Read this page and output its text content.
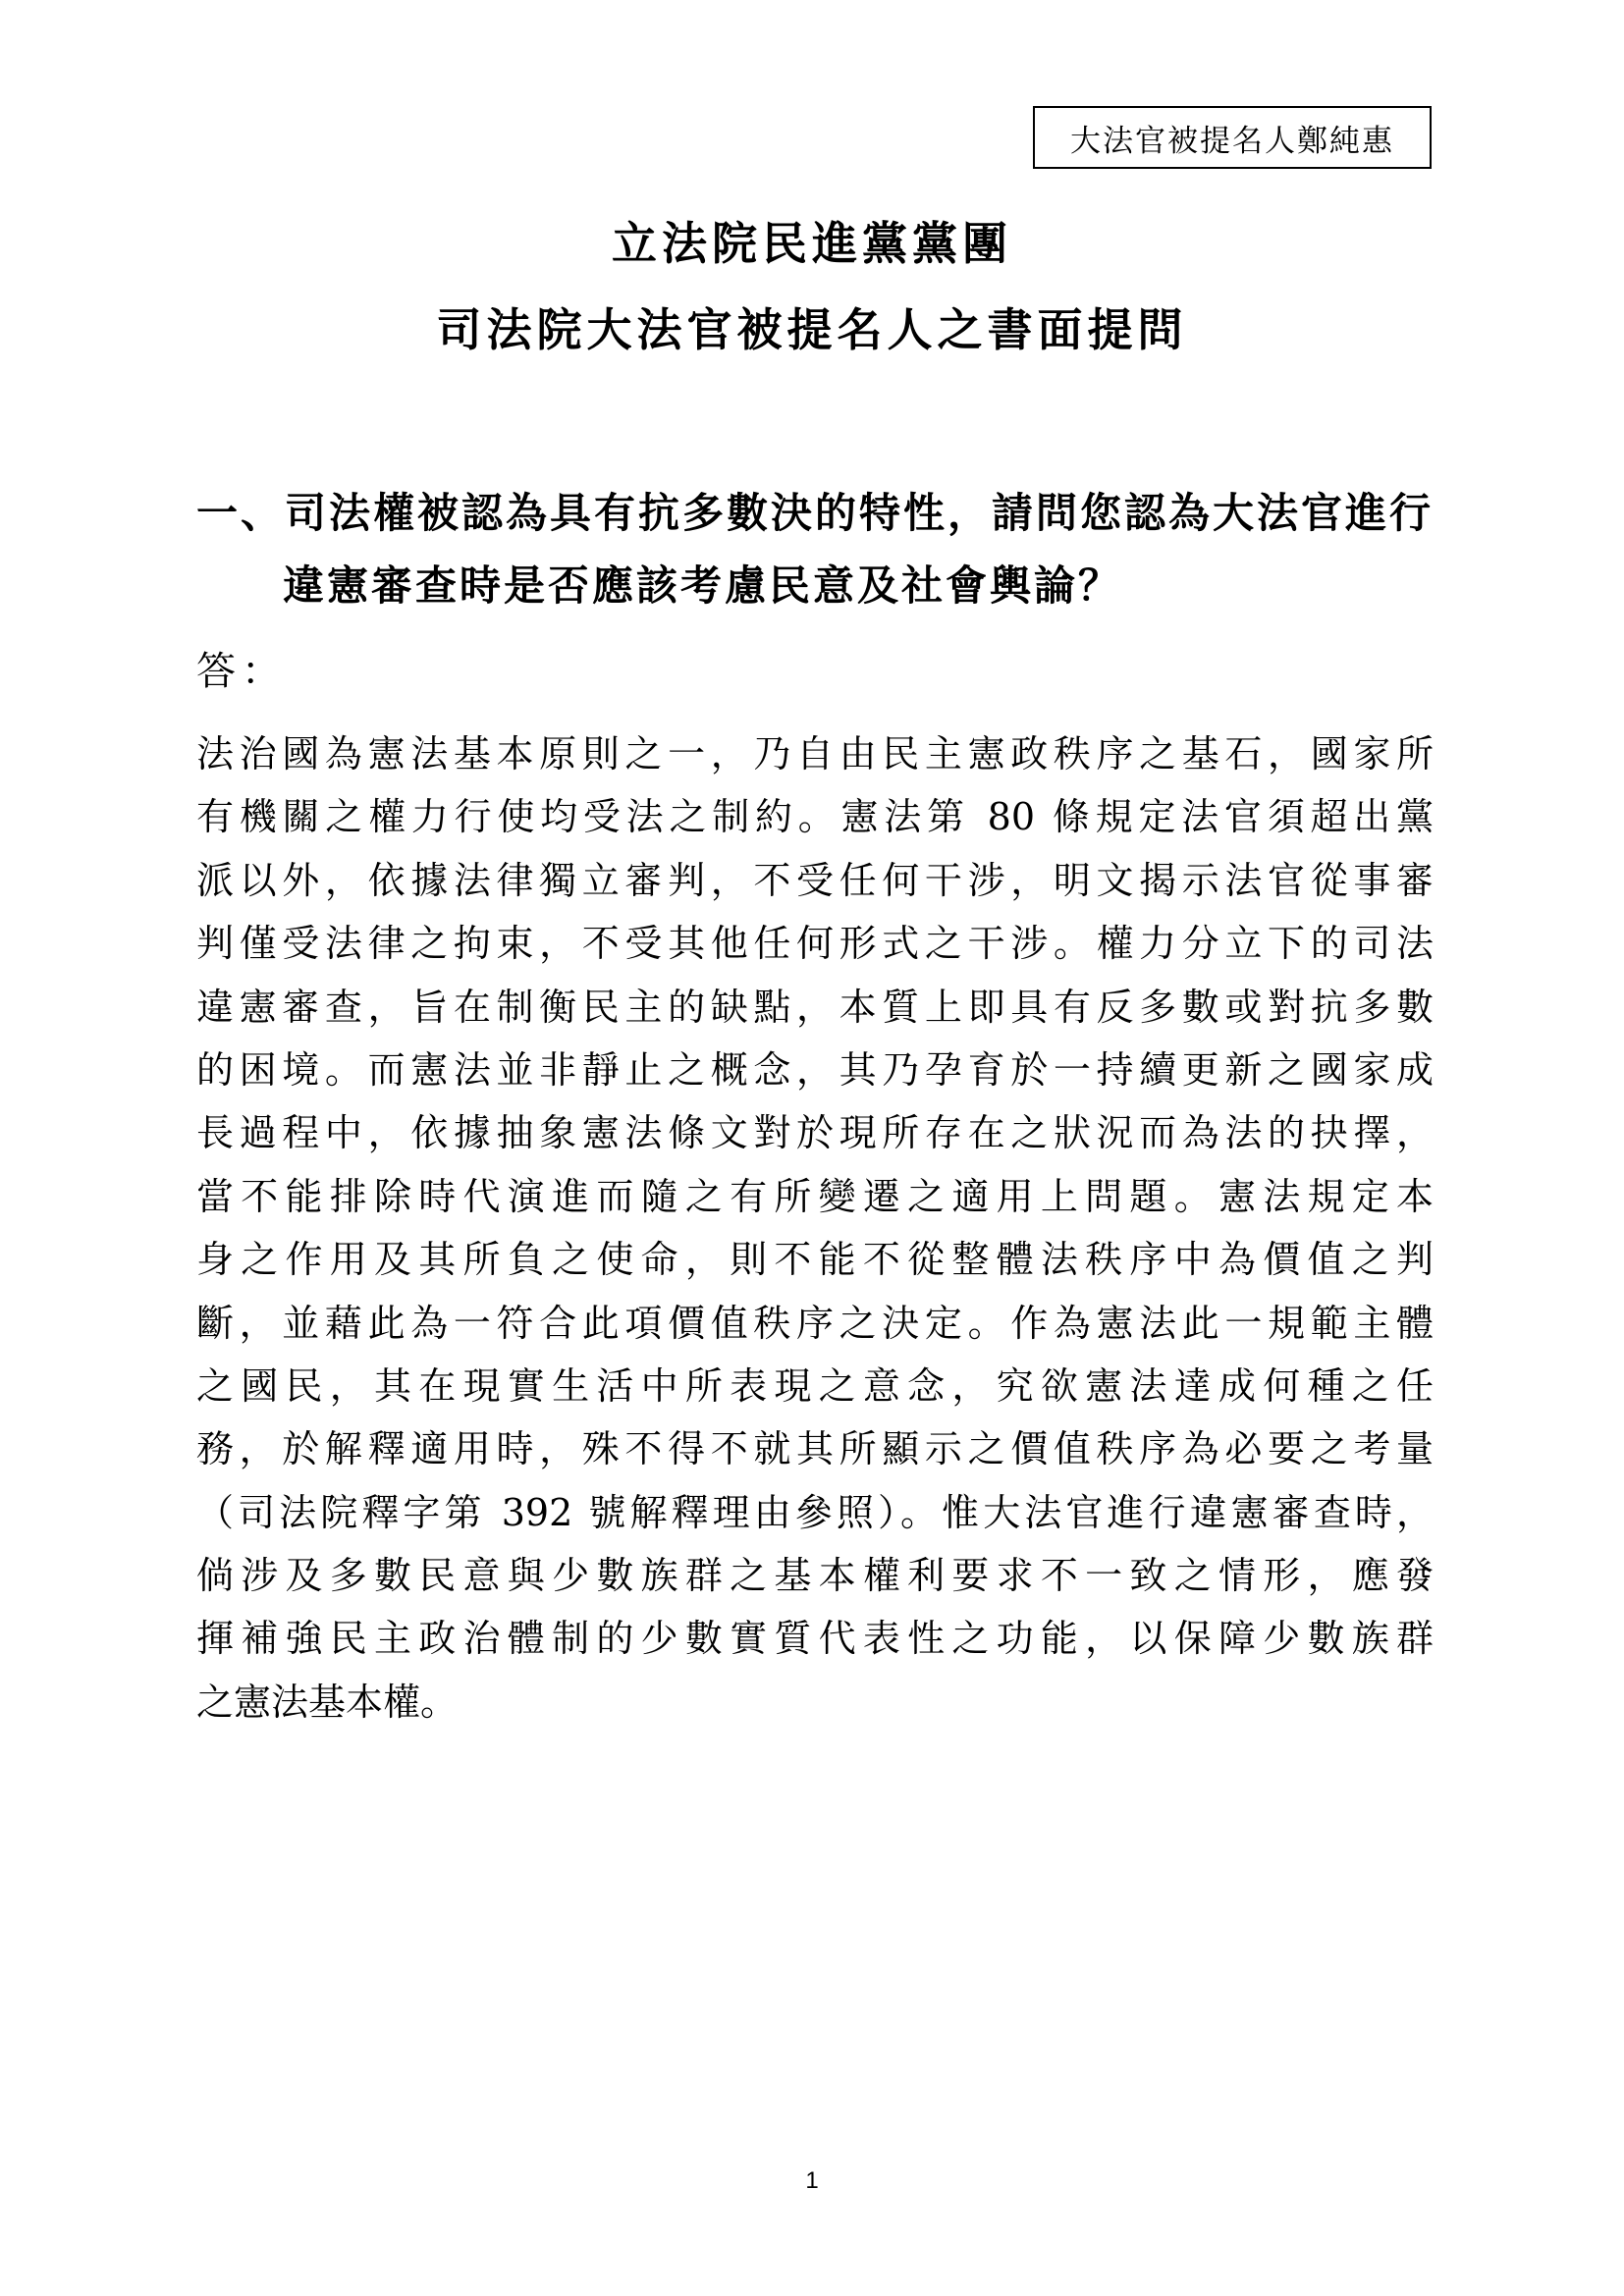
大法官被提名人鄭純惠
立法院民進黨黨團
司法院大法官被提名人之書面提問
一、司法權被認為具有抗多數決的特性，請問您認為大法官進行
違憲審查時是否應該考慮民意及社會輿論？
答：
法治國為憲法基本原則之一，乃自由民主憲政秩序之基石，國家所
有機關之權力行使均受法之制約。憲法第 80 條規定法官須超出黨
派以外，依據法律獨立審判，不受任何干涉，明文揭示法官從事審
判僅受法律之拘束，不受其他任何形式之干涉。權力分立下的司法
違憲審查，旨在制衡民主的缺點，本質上即具有反多數或對抗多數
的困境。而憲法並非靜止之概念，其乃孕育於一持續更新之國家成
長過程中，依據抽象憲法條文對於現所存在之狀況而為法的抉擇，
當不能排除時代演進而隨之有所變遷之適用上問題。憲法規定本
身之作用及其所負之使命，則不能不從整體法秩序中為價值之判
斷，並藉此為一符合此項價值秩序之決定。作為憲法此一規範主體
之國民，其在現實生活中所表現之意念，究欲憲法達成何種之任
務，於解釋適用時，殊不得不就其所顯示之價值秩序為必要之考量
（司法院釋字第 392 號解釋理由參照）。惟大法官進行違憲審查時，
倘涉及多數民意與少數族群之基本權利要求不一致之情形，應發
揮補強民主政治體制的少數實質代表性之功能，以保障少數族群
之憲法基本權。
1
